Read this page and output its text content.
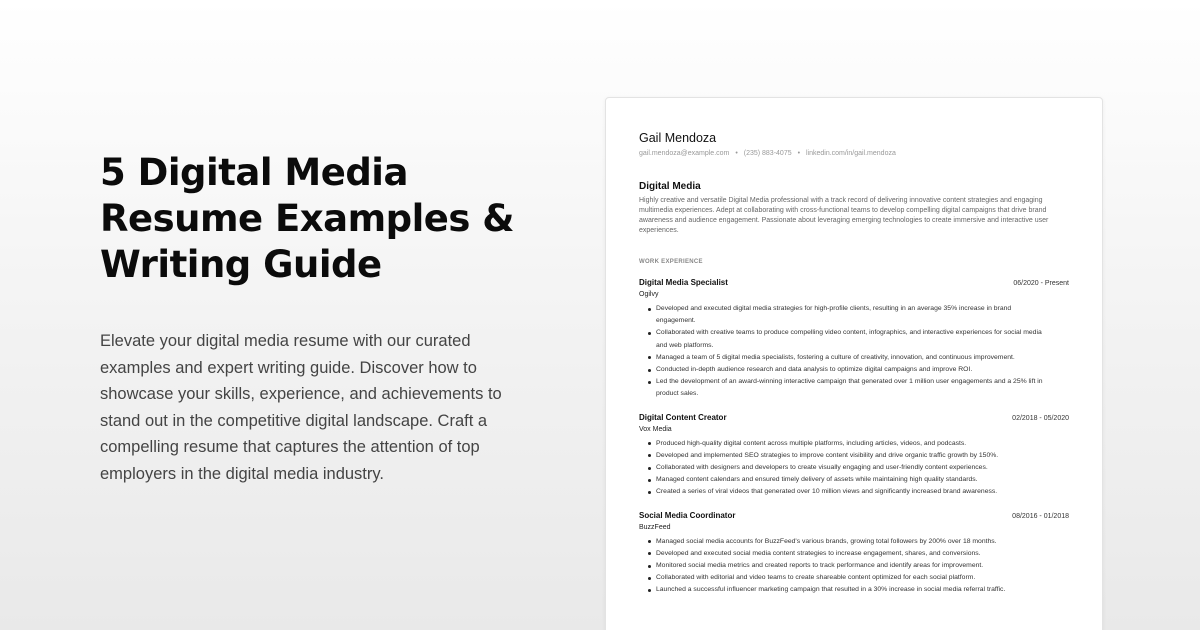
5 Digital Media Resume Examples & Writing Guide

Elevate your digital media resume with our curated examples and expert writing guide. Discover how to showcase your skills, experience, and achievements to stand out in the competitive digital landscape. Craft a compelling resume that captures the attention of top employers in the digital media industry.

Gail Mendoza
gail.mendoza@example.com • (235) 883-4075 • linkedin.com/in/gail.mendoza
Digital Media
Highly creative and versatile Digital Media professional with a track record of delivering innovative content strategies and engaging multimedia experiences. Adept at collaborating with cross-functional teams to develop compelling digital campaigns that drive brand awareness and audience engagement. Passionate about leveraging emerging technologies to create immersive and interactive user experiences.
WORK EXPERIENCE
Digital Media Specialist	06/2020 - Present
Ogilvy
Developed and executed digital media strategies for high-profile clients, resulting in an average 35% increase in brand engagement.
Collaborated with creative teams to produce compelling video content, infographics, and interactive experiences for social media and web platforms.
Managed a team of 5 digital media specialists, fostering a culture of creativity, innovation, and continuous improvement.
Conducted in-depth audience research and data analysis to optimize digital campaigns and improve ROI.
Led the development of an award-winning interactive campaign that generated over 1 million user engagements and a 25% lift in product sales.
Digital Content Creator	02/2018 - 05/2020
Vox Media
Produced high-quality digital content across multiple platforms, including articles, videos, and podcasts.
Developed and implemented SEO strategies to improve content visibility and drive organic traffic growth by 150%.
Collaborated with designers and developers to create visually engaging and user-friendly content experiences.
Managed content calendars and ensured timely delivery of assets while maintaining high quality standards.
Created a series of viral videos that generated over 10 million views and significantly increased brand awareness.
Social Media Coordinator	08/2016 - 01/2018
BuzzFeed
Managed social media accounts for BuzzFeed's various brands, growing total followers by 200% over 18 months.
Developed and executed social media content strategies to increase engagement, shares, and conversions.
Monitored social media metrics and created reports to track performance and identify areas for improvement.
Collaborated with editorial and video teams to create shareable content optimized for each social platform.
Launched a successful influencer marketing campaign that resulted in a 30% increase in social media referral traffic.
